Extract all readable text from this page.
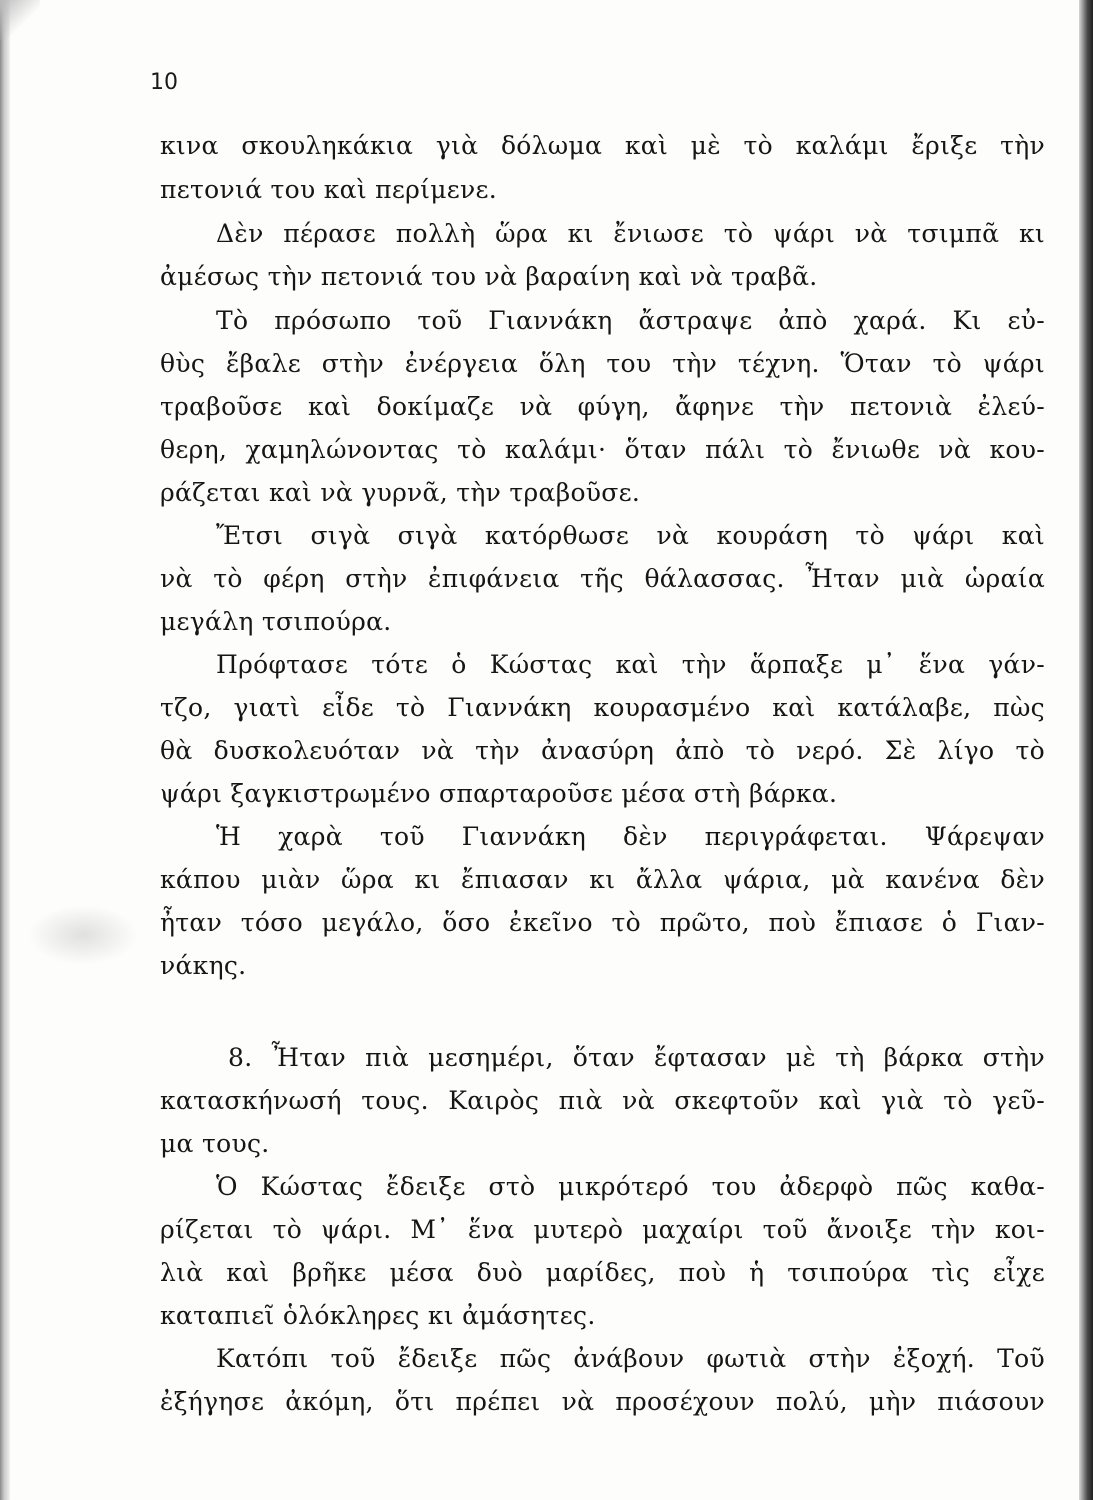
10
κινα σκουληκάκια γιὰ δόλωμα καὶ μὲ τὸ καλάμι ἔριξε τὴν
πετονιά του καὶ περίμενε.
Δὲν πέρασε πολλὴ ὥρα κι ἔνιωσε τὸ ψάρι νὰ τσιμπᾶ κι
ἀμέσως τὴν πετονιά του νὰ βαραίνη καὶ νὰ τραβᾶ.
Τὸ πρόσωπο τοῦ Γιαννάκη ἄστραψε ἀπὸ χαρά. Κι εὐ-
θὺς ἔβαλε στὴν ἐνέργεια ὅλη του τὴν τέχνη. Ὅταν τὸ ψάρι
τραβοῦσε καὶ δοκίμαζε νὰ φύγη, ἄφηνε τὴν πετονιὰ ἐλεύ-
θερη, χαμηλώνοντας τὸ καλάμι· ὅταν πάλι τὸ ἔνιωθε νὰ κου-
ράζεται καὶ νὰ γυρνᾶ, τὴν τραβοῦσε.
Ἔτσι σιγὰ σιγὰ κατόρθωσε νὰ κουράση τὸ ψάρι καὶ
νὰ τὸ φέρη στὴν ἐπιφάνεια τῆς θάλασσας. Ἦταν μιὰ ὡραία
μεγάλη τσιπούρα.
Πρόφτασε τότε ὁ Κώστας καὶ τὴν ἅρπαξε μ᾿ ἕνα γάν-
τζο, γιατὶ εἶδε τὸ Γιαννάκη κουρασμένο καὶ κατάλαβε, πὼς
θὰ δυσκολευόταν νὰ τὴν ἀνασύρη ἀπὸ τὸ νερό. Σὲ λίγο τὸ
ψάρι ξαγκιστρωμένο σπαρταροῦσε μέσα στὴ βάρκα.
Ἡ χαρὰ τοῦ Γιαννάκη δὲν περιγράφεται. Ψάρεψαν
κάπου μιὰν ὥρα κι ἔπιασαν κι ἄλλα ψάρια, μὰ κανένα δὲν
ἦταν τόσο μεγάλο, ὅσο ἐκεῖνο τὸ πρῶτο, ποὺ ἔπιασε ὁ Γιαν-
νάκης.
8. Ἦταν πιὰ μεσημέρι, ὅταν ἔφτασαν μὲ τὴ βάρκα στὴν
κατασκήνωσή τους. Καιρὸς πιὰ νὰ σκεφτοῦν καὶ γιὰ τὸ γεῦ-
μα τους.
Ὁ Κώστας ἔδειξε στὸ μικρότερό του ἀδερφὸ πῶς καθα-
ρίζεται τὸ ψάρι. Μ᾿ ἕνα μυτερὸ μαχαίρι τοῦ ἄνοιξε τὴν κοι-
λιὰ καὶ βρῆκε μέσα δυὸ μαρίδες, ποὺ ἡ τσιπούρα τὶς εἶχε
καταπιεῖ ὁλόκληρες κι ἀμάσητες.
Κατόπι τοῦ ἔδειξε πῶς ἀνάβουν φωτιὰ στὴν ἐξοχή. Τοῦ
ἐξήγησε ἀκόμη, ὅτι πρέπει νὰ προσέχουν πολύ, μὴν πιάσουν
